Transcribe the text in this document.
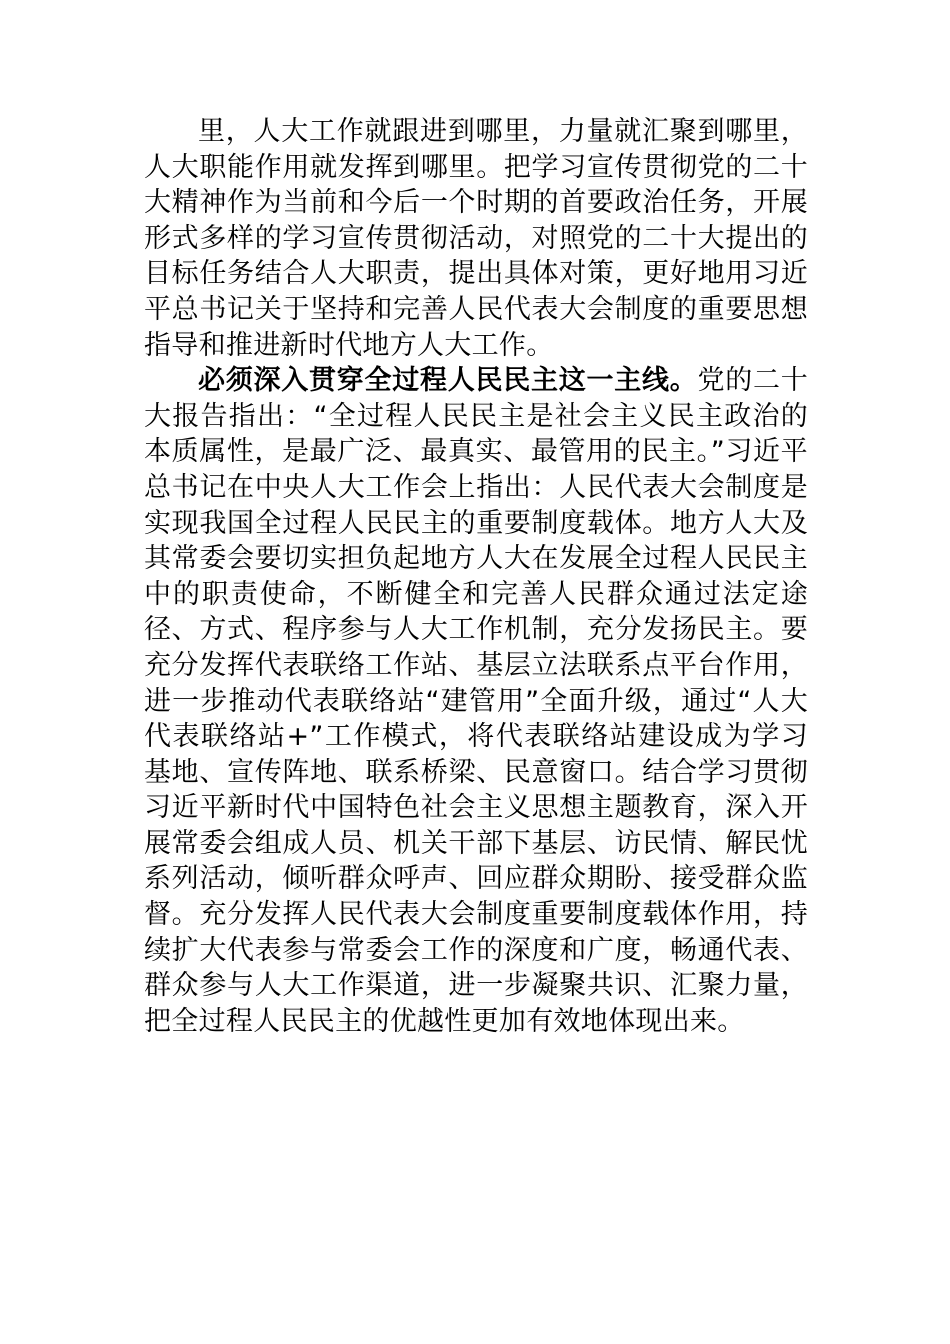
里，人大工作就跟进到哪里，力量就汇聚到哪里，人大职能作用就发挥到哪里。把学习宣传贯彻党的二十大精神作为当前和今后一个时期的首要政治任务，开展形式多样的学习宣传贯彻活动，对照党的二十大提出的目标任务结合人大职责，提出具体对策，更好地用习近平总书记关于坚持和完善人民代表大会制度的重要思想指导和推进新时代地方人大工作。

必须深入贯穿全过程人民民主这一主线。党的二十大报告指出：“全过程人民民主是社会主义民主政治的本质属性，是最广泛、最真实、最管用的民主。”习近平总书记在中央人大工作会上指出：人民代表大会制度是实现我国全过程人民民主的重要制度载体。地方人大及其常委会要切实担负起地方人大在发展全过程人民民主中的职责使命，不断健全和完善人民群众通过法定途径、方式、程序参与人大工作机制，充分发扬民主。要充分发挥代表联络工作站、基层立法联系点平台作用，进一步推动代表联络站“建管用”全面升级，通过“人大代表联络站+”工作模式，将代表联络站建设成为学习基地、宣传阵地、联系桥梁、民意窗口。结合学习贯彻习近平新时代中国特色社会主义思想主题教育，深入开展常委会组成人员、机关干部下基层、访民情、解民忧系列活动，倾听群众呼声、回应群众期盼、接受群众监督。充分发挥人民代表大会制度重要制度载体作用，持续扩大代表参与常委会工作的深度和广度，畅通代表、群众参与人大工作渠道，进一步凝聚共识、汇聚力量，把全过程人民民主的优越性更加有效地体现出来。
